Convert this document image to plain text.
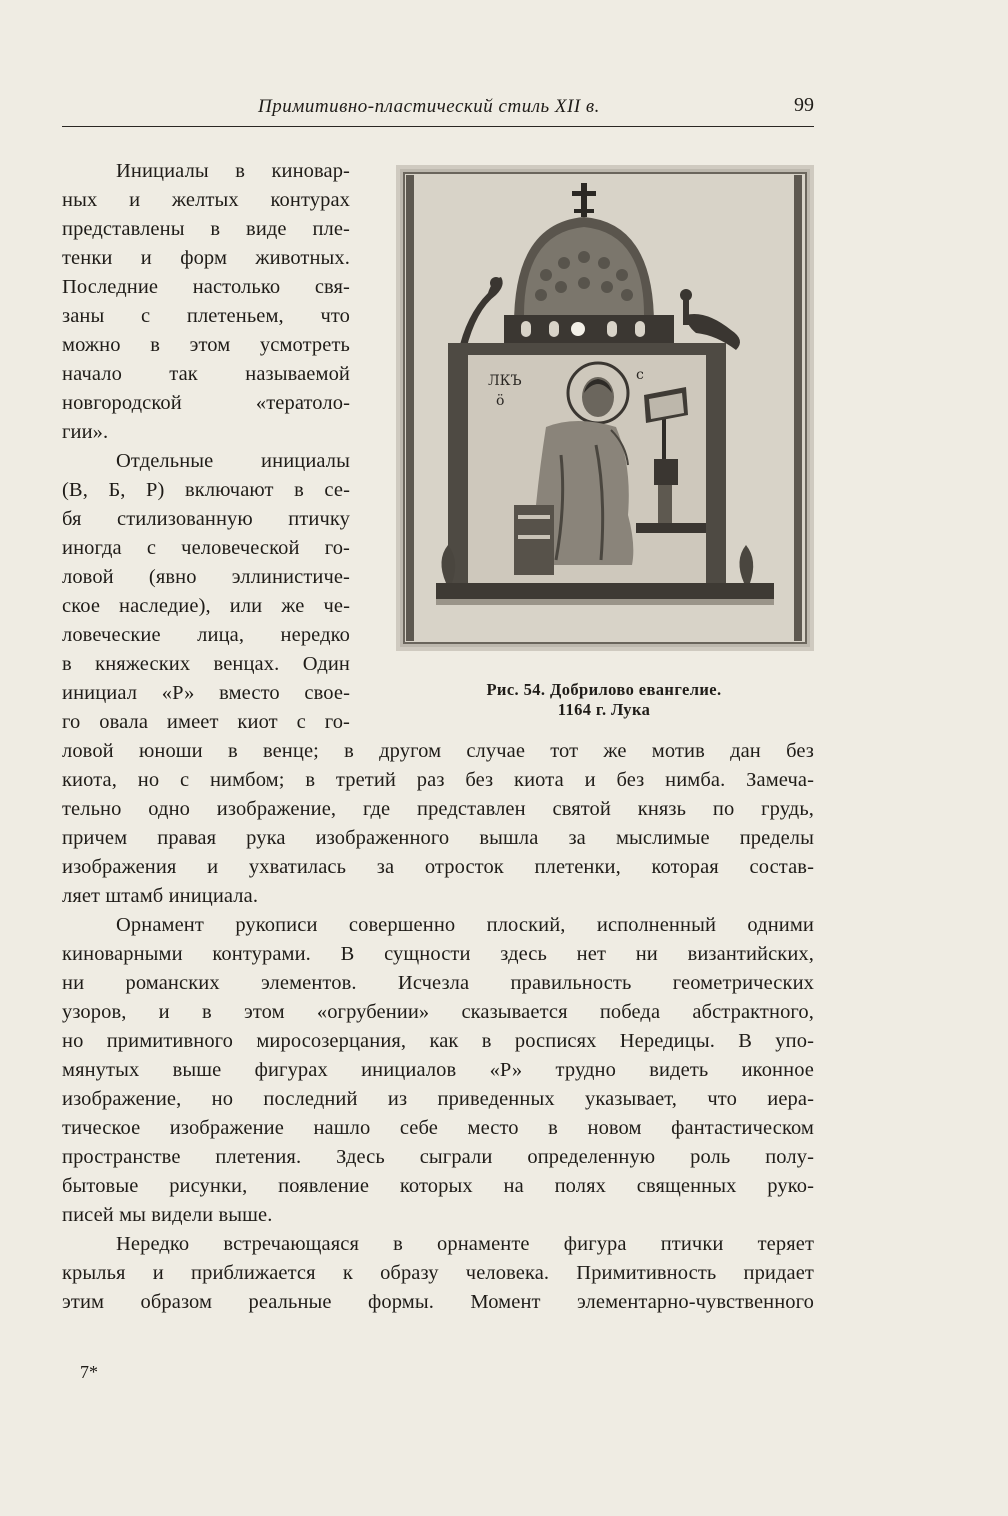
Примитивно-пластический стиль XII в.	99
ЛКЪ
ӧ
с
Рис. 54. Добрилово евангелие.
1164 г. Лука

Инициалы в киновар-

ных и желтых контурах

представлены в виде пле-

тенки и форм животных.

Последние настолько свя-

заны с плетеньем, что

можно в этом усмотреть

начало так называемой

новгородской «тератоло-

гии».

Отдельные инициалы

(В, Б, Р) включают в се-

бя стилизованную птичку

иногда с человеческой го-

ловой (явно эллинистиче-

ское наследие), или же че-

ловеческие лица, нередко

в княжеских венцах. Один

инициал «Р» вместо свое-

го овала имеет киот с го-

ловой юноши в венце; в другом случае тот же мотив дан без

киота, но с нимбом; в третий раз без киота и без нимба. Замеча-

тельно одно изображение, где представлен святой князь по грудь,

причем правая рука изображенного вышла за мыслимые пределы

изображения и ухватилась за отросток плетенки, которая состав-

ляет штамб инициала.

Орнамент рукописи совершенно плоский, исполненный одними

киноварными контурами. В сущности здесь нет ни византийских,

ни романских элементов. Исчезла правильность геометрических

узоров, и в этом «огрубении» сказывается победа абстрактного,

но примитивного миросозерцания, как в росписях Нередицы. В упо-

мянутых выше фигурах инициалов «Р» трудно видеть иконное

изображение, но последний из приведенных указывает, что иера-

тическое изображение нашло себе место в новом фантастическом

пространстве плетения. Здесь сыграли определенную роль полу-

бытовые рисунки, появление которых на полях священных руко-

писей мы видели выше.

Нередко встречающаяся в орнаменте фигура птички теряет

крылья и приближается к образу человека. Примитивность придает

этим образом реальные формы. Момент элементарно-чувственного

7*
